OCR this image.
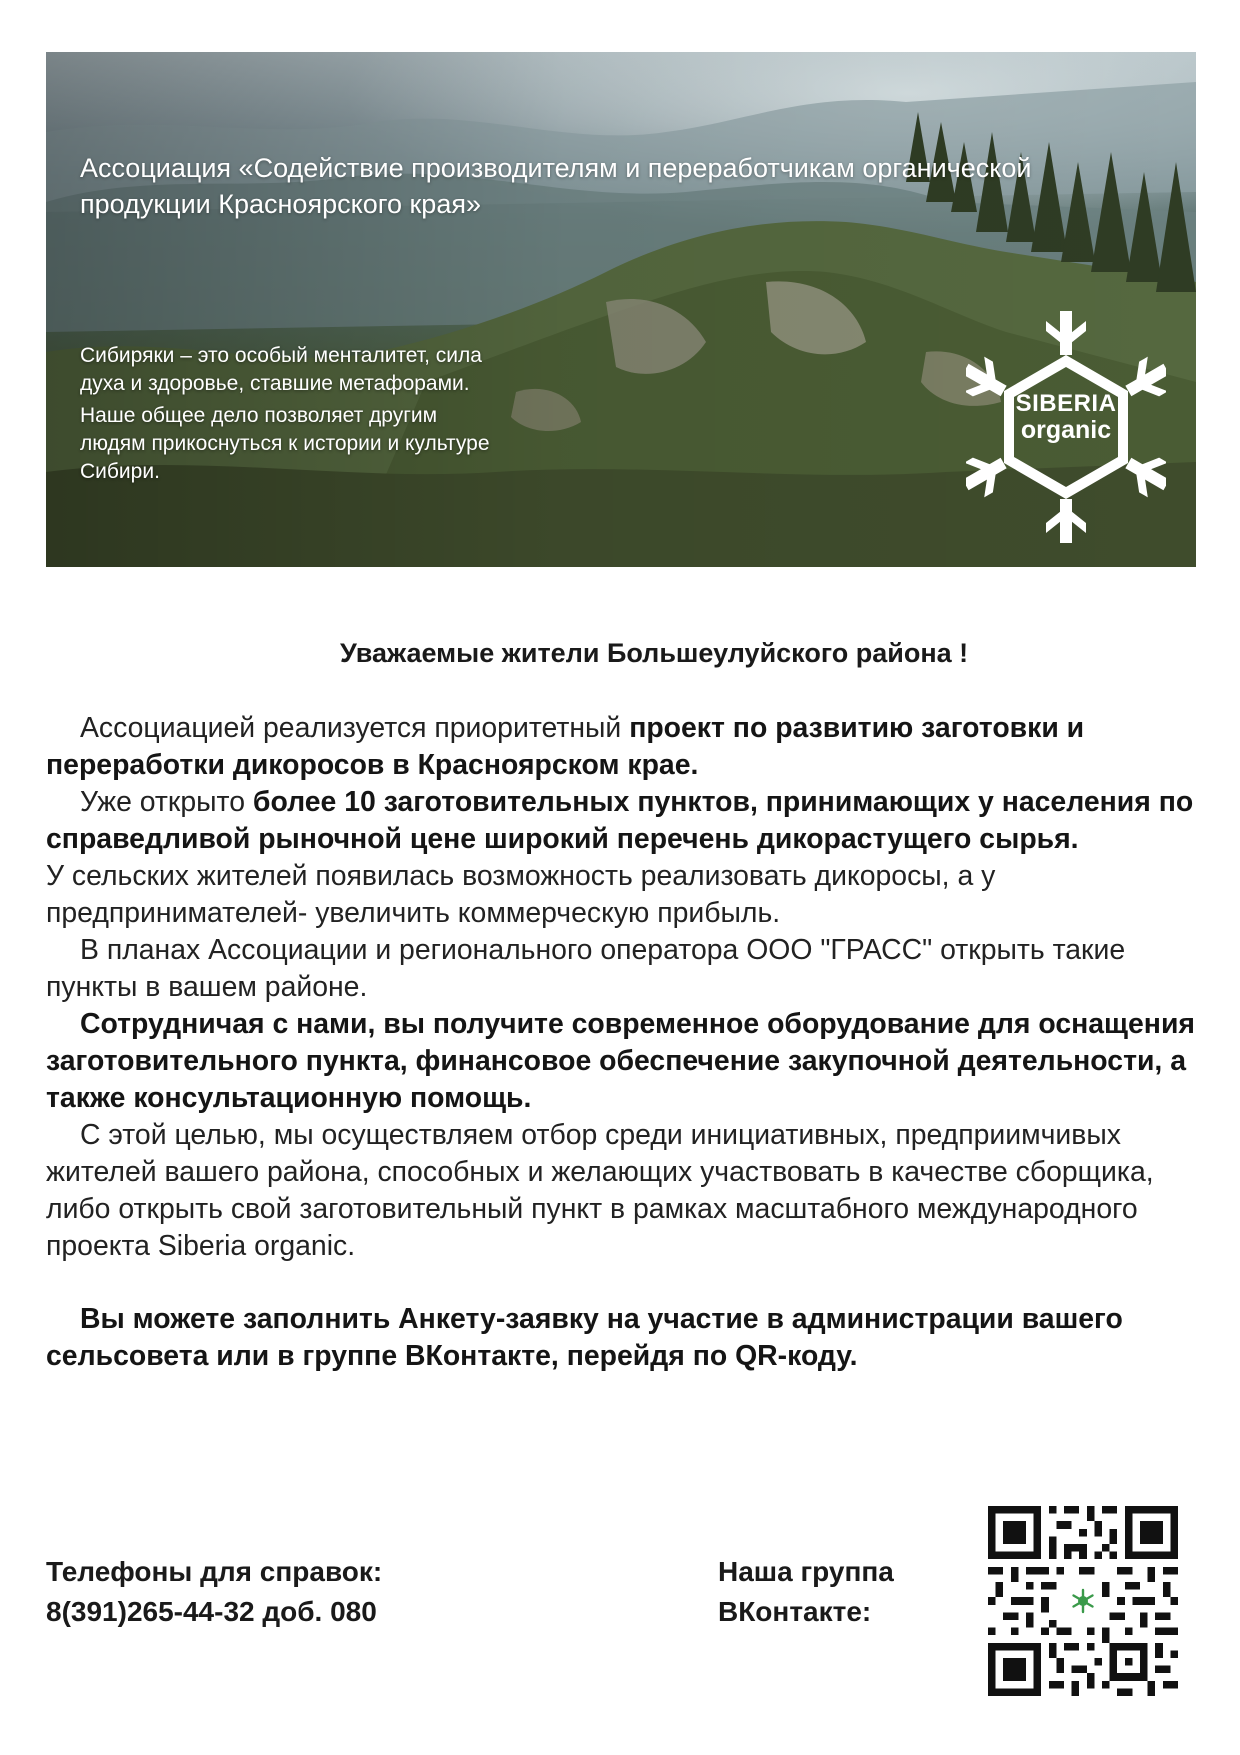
Ассоциация «Содействие производителям и переработчикам органической продукции Красноярского края»

Сибиряки – это особый менталитет, сила духа и здоровье, ставшие метафорами.

Наше общее дело позволяет другим людям прикоснуться к истории и культуре Сибири.

SIBERIA
organic
Уважаемые жители Большеулуйского района !

Ассоциацией реализуется приоритетный проект по развитию заготовки и переработки дикоросов в Красноярском крае.

Уже открыто более 10 заготовительных пунктов, принимающих у населения по справедливой рыночной цене широкий перечень дикорастущего сырья.

У сельских жителей появилась возможность реализовать дикоросы, а у предпринимателей- увеличить коммерческую прибыль.

В планах Ассоциации и регионального оператора ООО "ГРАСС" открыть такие пункты в вашем районе.

Сотрудничая с нами, вы получите современное оборудование для оснащения заготовительного пункта, финансовое обеспечение закупочной деятельности, а также консультационную помощь.

С этой целью, мы осуществляем отбор среди инициативных, предприимчивых жителей вашего района, способных и желающих участвовать в качестве сборщика, либо открыть свой заготовительный пункт в рамках масштабного международного проекта Siberia organic.

Вы можете заполнить Анкету-заявку на участие в администрации вашего сельсовета или в группе ВКонтакте, перейдя по QR-коду.

Телефоны для справок:
8(391)265-44-32 доб. 080
Наша группа
ВКонтакте:
